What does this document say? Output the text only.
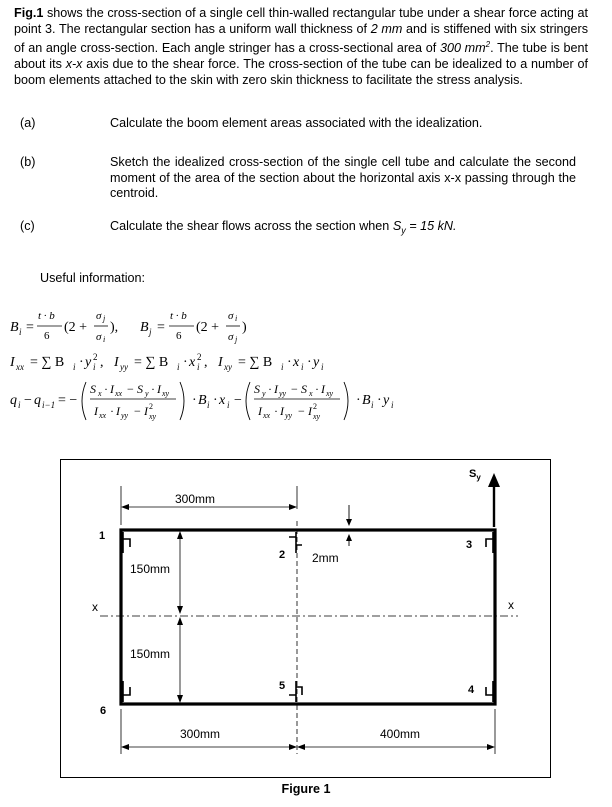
Fig.1 shows the cross-section of a single cell thin-walled rectangular tube under a shear force acting at point 3. The rectangular section has a uniform wall thickness of 2 mm and is stiffened with six stringers of an angle cross-section. Each angle stringer has a cross-sectional area of 300 $mm^2$. The tube is bent about its x-x axis due to the shear force. The cross-section of the tube can be idealized to a number of boom elements attached to the skin with zero skin thickness to facilitate the stress analysis.
(a)	Calculate the boom element areas associated with the idealization.
(b)	Sketch the idealized cross-section of the single cell tube and calculate the second moment of the area of the section about the horizontal axis x-x passing through the centroid.
(c)	Calculate the shear flows across the section when $S_y = 15$ kN.
Useful information:
B i =
t · b
6
(2 +
σ j
σ i
), B j =
t · b
6
(2 +
σ i
σ j
)
I xx = ∑ B i · y i
2 , I yy = ∑ B i · x i
2 , I xy = ∑ B i · x i · y i
q i − q i−1 = −
S x · I xx − S y · I xy
I xx · I yy − I xy
2	· B i · x i −
S y · I yy − S x · I xy
I xx · I yy − I xy
2	· B i · y i
x	x
1
2
3
4
5
6
$S_y$
2mm
300mm
150mm
150mm
300mm	400mm
Figure 1
